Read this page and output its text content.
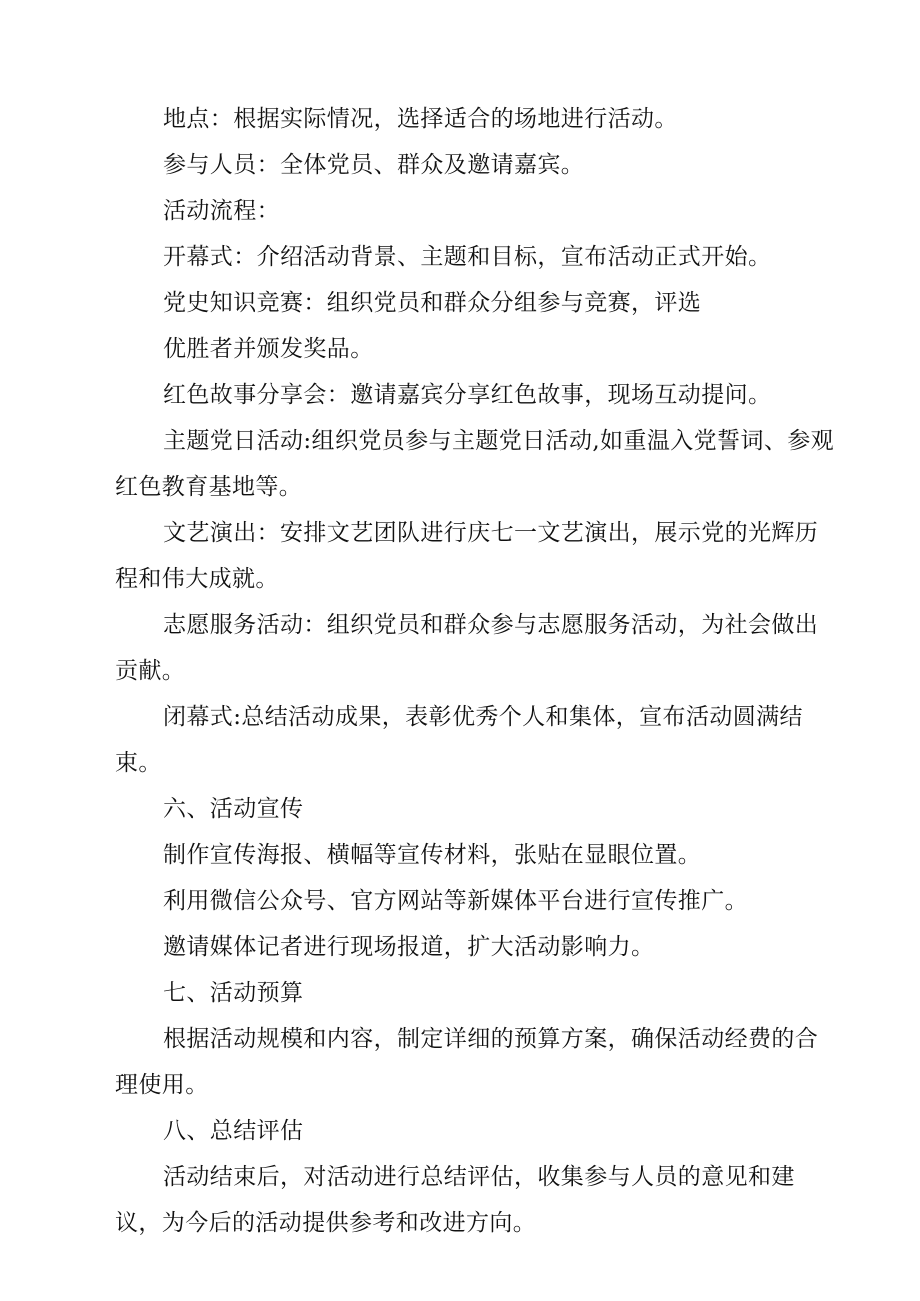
地点：根据实际情况，选择适合的场地进行活动。

参与人员：全体党员、群众及邀请嘉宾。

活动流程：

开幕式：介绍活动背景、主题和目标，宣布活动正式开始。

党史知识竞赛：组织党员和群众分组参与竞赛，评选

优胜者并颁发奖品。

红色故事分享会：邀请嘉宾分享红色故事，现场互动提问。

主题党日活动:组织党员参与主题党日活动,如重温入党誓词、参观红色教育基地等。

文艺演出：安排文艺团队进行庆七一文艺演出，展示党的光辉历程和伟大成就。

志愿服务活动：组织党员和群众参与志愿服务活动，为社会做出贡献。

闭幕式:总结活动成果，表彰优秀个人和集体，宣布活动圆满结束。

六、活动宣传

制作宣传海报、横幅等宣传材料，张贴在显眼位置。

利用微信公众号、官方网站等新媒体平台进行宣传推广。

邀请媒体记者进行现场报道，扩大活动影响力。

七、活动预算

根据活动规模和内容，制定详细的预算方案，确保活动经费的合理使用。

八、总结评估

活动结束后，对活动进行总结评估，收集参与人员的意见和建议，为今后的活动提供参考和改进方向。
